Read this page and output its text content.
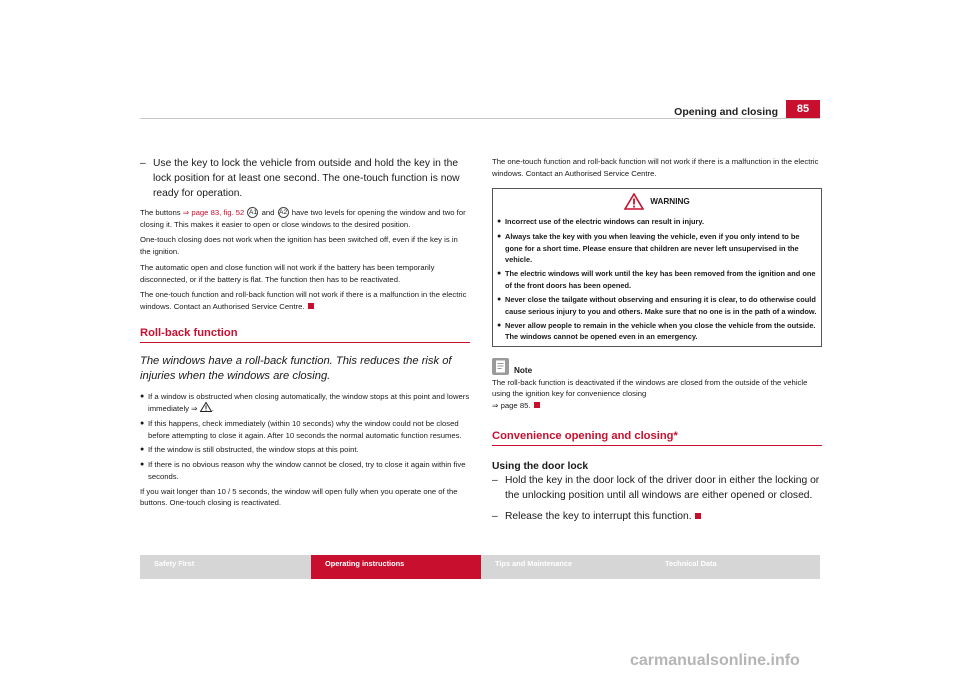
Opening and closing	85
– Use the key to lock the vehicle from outside and hold the key in the lock position for at least one second. The one-touch function is now ready for operation.

The buttons ⇒ page 83, fig. 52 A1 and A2 have two levels for opening the window and two for closing it. This makes it easier to open or close windows to the desired position.

One-touch closing does not work when the ignition has been switched off, even if the key is in the ignition.

The automatic open and close function will not work if the battery has been temporarily disconnected, or if the battery is flat. The function then has to be reactivated.

The one-touch function and roll-back function will not work if there is a malfunction in the electric windows. Contact an Authorised Service Centre.

Roll-back function

The windows have a roll-back function. This reduces the risk of injuries when the windows are closing.

● If a window is obstructed when closing automatically, the window stops at this point and lowers immediately ⇒ .
● If this happens, check immediately (within 10 seconds) why the window could not be closed before attempting to close it again. After 10 seconds the normal automatic function resumes.
● If the window is still obstructed, the window stops at this point.
● If there is no obvious reason why the window cannot be closed, try to close it again within five seconds.

If you wait longer than 10 / 5 seconds, the window will open fully when you operate one of the buttons. One-touch closing is reactivated.

The one-touch function and roll-back function will not work if there is a malfunction in the electric windows. Contact an Authorised Service Centre.

WARNING
● Incorrect use of the electric windows can result in injury.
● Always take the key with you when leaving the vehicle, even if you only intend to be gone for a short time. Please ensure that children are never left unsupervised in the vehicle.
● The electric windows will work until the key has been removed from the ignition and one of the front doors has been opened.
● Never close the tailgate without observing and ensuring it is clear, to do otherwise could cause serious injury to you and others. Make sure that no one is in the path of a window.
● Never allow people to remain in the vehicle when you close the vehicle from the outside. The windows cannot be opened even in an emergency.
Note

The roll-back function is deactivated if the windows are closed from the outside of the vehicle using the ignition key for convenience closing
⇒ page 85.

Convenience opening and closing*
Using the door lock
– Hold the key in the door lock of the driver door in either the locking or the unlocking position until all windows are either opened or closed.
– Release the key to interrupt this function.
Safety First	Operating instructions	Tips and Maintenance	Technical Data
carmanualsonline.info
